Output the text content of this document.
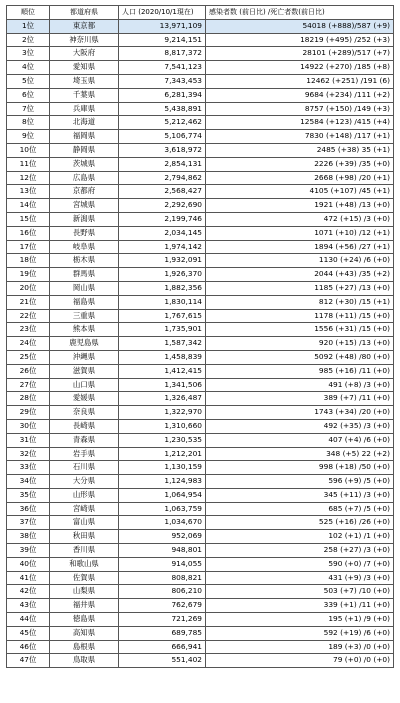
順位	都道府県	人口 (2020/10/1現在)	感染者数 (前日比) /死亡者数(前日比)
1位	東京都	13,971,109	54018 (+888)/587 (+9)
2位	神奈川県	9,214,151	18219 (+495) /252 (+3)
3位	大阪府	8,817,372	28101 (+289)/517 (+7)
4位	愛知県	7,541,123	14922 (+270) /185 (+8)
5位	埼玉県	7,343,453	12462 (+251) /191 (6)
6位	千葉県	6,281,394	9684 (+234) /111 (+2)
7位	兵庫県	5,438,891	8757 (+150) /149 (+3)
8位	北海道	5,212,462	12584 (+123) /415 (+4)
9位	福岡県	5,106,774	7830 (+148) /117 (+1)
10位	静岡県	3,618,972	2485 (+38) 35 (+1)
11位	茨城県	2,854,131	2226 (+39) /35 (+0)
12位	広島県	2,794,862	2668 (+98) /20 (+1)
13位	京都府	2,568,427	4105 (+107) /45 (+1)
14位	宮城県	2,292,690	1921 (+48) /13 (+0)
15位	新潟県	2,199,746	472 (+15) /3 (+0)
16位	長野県	2,034,145	1071 (+10) /12 (+1)
17位	岐阜県	1,974,142	1894 (+56) /27 (+1)
18位	栃木県	1,932,091	1130 (+24) /6 (+0)
19位	群馬県	1,926,370	2044 (+43) /35 (+2)
20位	岡山県	1,882,356	1185 (+27) /13 (+0)
21位	福島県	1,830,114	812 (+30) /15 (+1)
22位	三重県	1,767,615	1178 (+11) /15 (+0)
23位	熊本県	1,735,901	1556 (+31) /15 (+0)
24位	鹿児島県	1,587,342	920 (+15) /13 (+0)
25位	沖縄県	1,458,839	5092 (+48) /80 (+0)
26位	滋賀県	1,412,415	985 (+16) /11 (+0)
27位	山口県	1,341,506	491 (+8) /3 (+0)
28位	愛媛県	1,326,487	389 (+7) /11 (+0)
29位	奈良県	1,322,970	1743 (+34) /20 (+0)
30位	長崎県	1,310,660	492 (+35) /3 (+0)
31位	青森県	1,230,535	407 (+4) /6 (+0)
32位	岩手県	1,212,201	348 (+5) 22 (+2)
33位	石川県	1,130,159	998 (+18) /50 (+0)
34位	大分県	1,124,983	596 (+9) /5 (+0)
35位	山形県	1,064,954	345 (+11) /3 (+0)
36位	宮崎県	1,063,759	685 (+7) /5 (+0)
37位	富山県	1,034,670	525 (+16) /26 (+0)
38位	秋田県	952,069	102 (+1) /1 (+0)
39位	香川県	948,801	258 (+27) /3 (+0)
40位	和歌山県	914,055	590 (+0) /7 (+0)
41位	佐賀県	808,821	431 (+9) /3 (+0)
42位	山梨県	806,210	503 (+7) /10 (+0)
43位	福井県	762,679	339 (+1) /11 (+0)
44位	徳島県	721,269	195 (+1) /9 (+0)
45位	高知県	689,785	592 (+19) /6 (+0)
46位	島根県	666,941	189 (+3) /0 (+0)
47位	鳥取県	551,402	79 (+0) /0 (+0)
